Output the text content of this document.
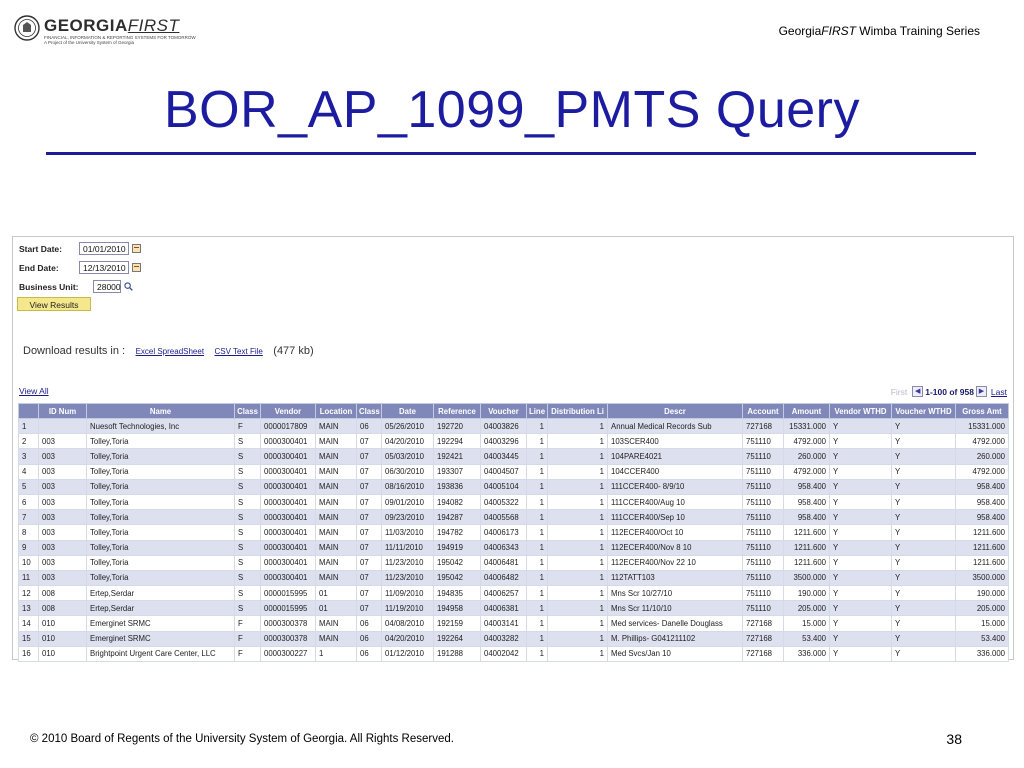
GEORGIAFIRST
FINANCIAL, INFORMATION & REPORTING SYSTEMS FOR TOMORROW
A Project of the University System of Georgia
GeorgiaFIRST Wimba Training Series
BOR_AP_1099_PMTS Query
Start Date:	01/01/2010
End Date:	12/13/2010
Business Unit:	28000
View Results
Download results in : Excel SpreadSheet CSV Text File (477 kb)
View All	First	◀ 1-100 of 958 ▶ Last
	ID Num	Name	Class	Vendor	Location	Class	Date	Reference	Voucher	Line	Distribution Li	Descr	Account	Amount	Vendor WTHD	Voucher WTHD	Gross Amt
1		Nuesoft Technologies, Inc	F	0000017809	MAIN	06	05/26/2010	192720	04003826	1	1	Annual Medical Records Sub	727168	15331.000	Y	Y	15331.000
2	003	Tolley,Toria	S	0000300401	MAIN	07	04/20/2010	192294	04003296	1	1	103SCER400	751110	4792.000	Y	Y	4792.000
3	003	Tolley,Toria	S	0000300401	MAIN	07	05/03/2010	192421	04003445	1	1	104PARE4021	751110	260.000	Y	Y	260.000
4	003	Tolley,Toria	S	0000300401	MAIN	07	06/30/2010	193307	04004507	1	1	104CCER400	751110	4792.000	Y	Y	4792.000
5	003	Tolley,Toria	S	0000300401	MAIN	07	08/16/2010	193836	04005104	1	1	111CCER400- 8/9/10	751110	958.400	Y	Y	958.400
6	003	Tolley,Toria	S	0000300401	MAIN	07	09/01/2010	194082	04005322	1	1	111CCER400/Aug 10	751110	958.400	Y	Y	958.400
7	003	Tolley,Toria	S	0000300401	MAIN	07	09/23/2010	194287	04005568	1	1	111CCER400/Sep 10	751110	958.400	Y	Y	958.400
8	003	Tolley,Toria	S	0000300401	MAIN	07	11/03/2010	194782	04006173	1	1	112ECER400/Oct 10	751110	1211.600	Y	Y	1211.600
9	003	Tolley,Toria	S	0000300401	MAIN	07	11/11/2010	194919	04006343	1	1	112ECER400/Nov 8 10	751110	1211.600	Y	Y	1211.600
10	003	Tolley,Toria	S	0000300401	MAIN	07	11/23/2010	195042	04006481	1	1	112ECER400/Nov 22 10	751110	1211.600	Y	Y	1211.600
11	003	Tolley,Toria	S	0000300401	MAIN	07	11/23/2010	195042	04006482	1	1	112TATT103	751110	3500.000	Y	Y	3500.000
12	008	Ertep,Serdar	S	0000015995	01	07	11/09/2010	194835	04006257	1	1	Mns Scr 10/27/10	751110	190.000	Y	Y	190.000
13	008	Ertep,Serdar	S	0000015995	01	07	11/19/2010	194958	04006381	1	1	Mns Scr 11/10/10	751110	205.000	Y	Y	205.000
14	010	Emerginet SRMC	F	0000300378	MAIN	06	04/08/2010	192159	04003141	1	1	Med services- Danelle Douglass	727168	15.000	Y	Y	15.000
15	010	Emerginet SRMC	F	0000300378	MAIN	06	04/20/2010	192264	04003282	1	1	M. Phillips- G041211102	727168	53.400	Y	Y	53.400
16	010	Brightpoint Urgent Care Center, LLC	F	0000300227	1	06	01/12/2010	191288	04002042	1	1	Med Svcs/Jan 10	727168	336.000	Y	Y	336.000
© 2010 Board of Regents of the University System of Georgia. All Rights Reserved.	38
